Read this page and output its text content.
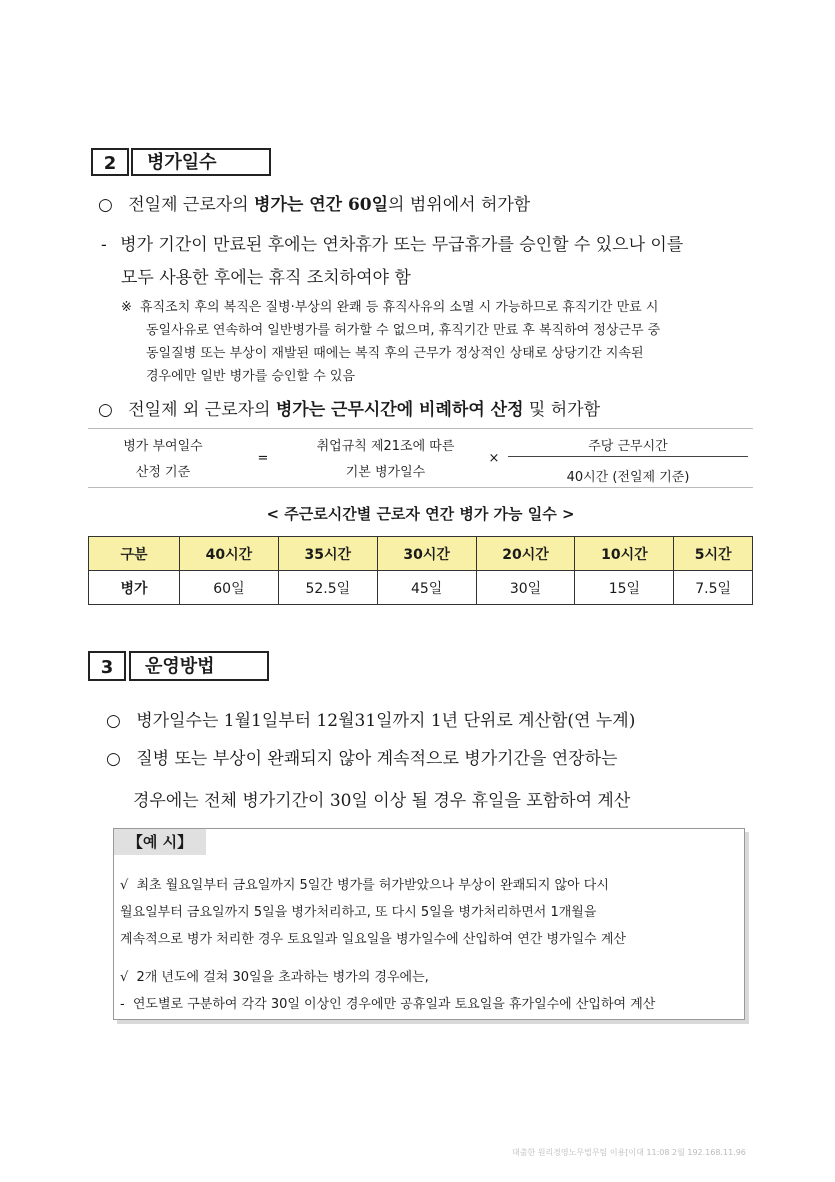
2	병가일수
○ 전일제 근로자의 병가는 연간 60일의 범위에서 허가함
- 병가 기간이 만료된 후에는 연차휴가 또는 무급휴가를 승인할 수 있으나 이를
모두 사용한 후에는 휴직 조치하여야 함
※ 휴직조치 후의 복직은 질병·부상의 완쾌 등 휴직사유의 소멸 시 가능하므로 휴직기간 만료 시
동일사유로 연속하여 일반병가를 허가할 수 없으며, 휴직기간 만료 후 복직하여 정상근무 중
동일질병 또는 부상이 재발된 때에는 복직 후의 근무가 정상적인 상태로 상당기간 지속된
경우에만 일반 병가를 승인할 수 있음
○ 전일제 외 근로자의 병가는 근무시간에 비례하여 산정 및 허가함
병가 부여일수
산정 기준
=
취업규칙 제21조에 따른
기본 병가일수
×
주당 근무시간
40시간 (전일제 기준)
< 주근로시간별 근로자 연간 병가 가능 일수 >
구분	40시간	35시간	30시간	20시간	10시간	5시간
병가	60일	52.5일	45일	30일	15일	7.5일
3	운영방법
○ 병가일수는 1월1일부터 12월31일까지 1년 단위로 계산함(연 누계)
○ 질병 또는 부상이 완쾌되지 않아 계속적으로 병가기간을 연장하는
경우에는 전체 병가기간이 30일 이상 될 경우 휴일을 포함하여 계산
【예 시】
√ 최초 월요일부터 금요일까지 5일간 병가를 허가받았으나 부상이 완쾌되지 않아 다시
월요일부터 금요일까지 5일을 병가처리하고, 또 다시 5일을 병가처리하면서 1개월을
계속적으로 병가 처리한 경우 토요일과 일요일을 병가일수에 산입하여 연간 병가일수 계산
√ 2개 년도에 걸쳐 30일을 초과하는 병가의 경우에는,
- 연도별로 구분하여 각각 30일 이상인 경우에만 공휴일과 토요일을 휴가일수에 산입하여 계산
대출한 원리경영노무법무팀 이용[이대 11:08 2월 192.168.11.96
